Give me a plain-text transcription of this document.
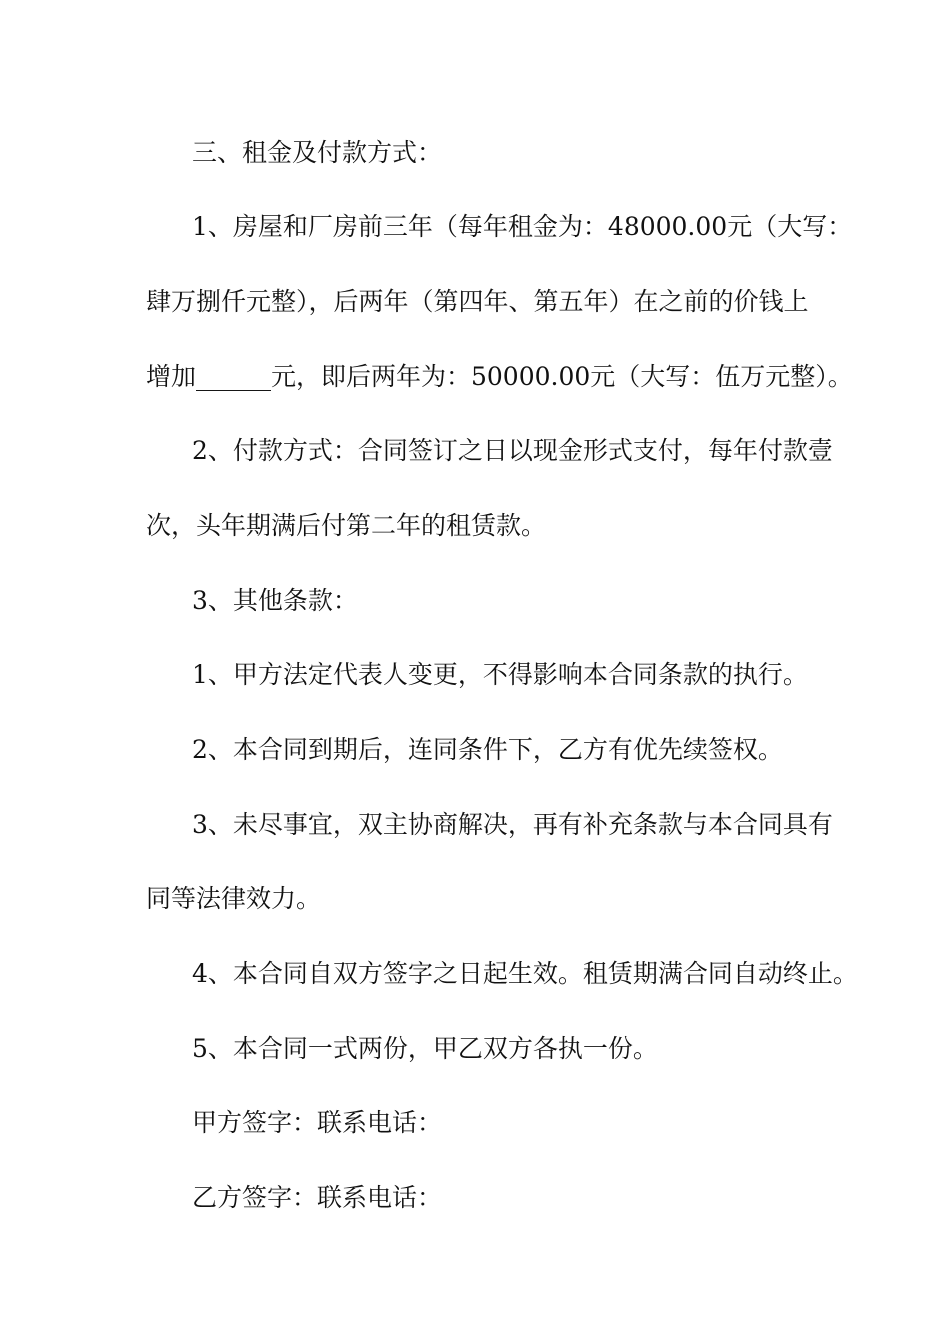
三、租金及付款方式：
1、房屋和厂房前三年（每年租金为：48000.00元（大写：
肆万捌仟元整），后两年（第四年、第五年）在之前的价钱上
增加______元，即后两年为：50000.00元（大写：伍万元整）。
2、付款方式：合同签订之日以现金形式支付，每年付款壹
次，头年期满后付第二年的租赁款。
3、其他条款：
1、甲方法定代表人变更，不得影响本合同条款的执行。
2、本合同到期后，连同条件下，乙方有优先续签权。
3、未尽事宜，双主协商解决，再有补充条款与本合同具有
同等法律效力。
4、本合同自双方签字之日起生效。租赁期满合同自动终止。
5、本合同一式两份，甲乙双方各执一份。
甲方签字：联系电话：
乙方签字：联系电话：
